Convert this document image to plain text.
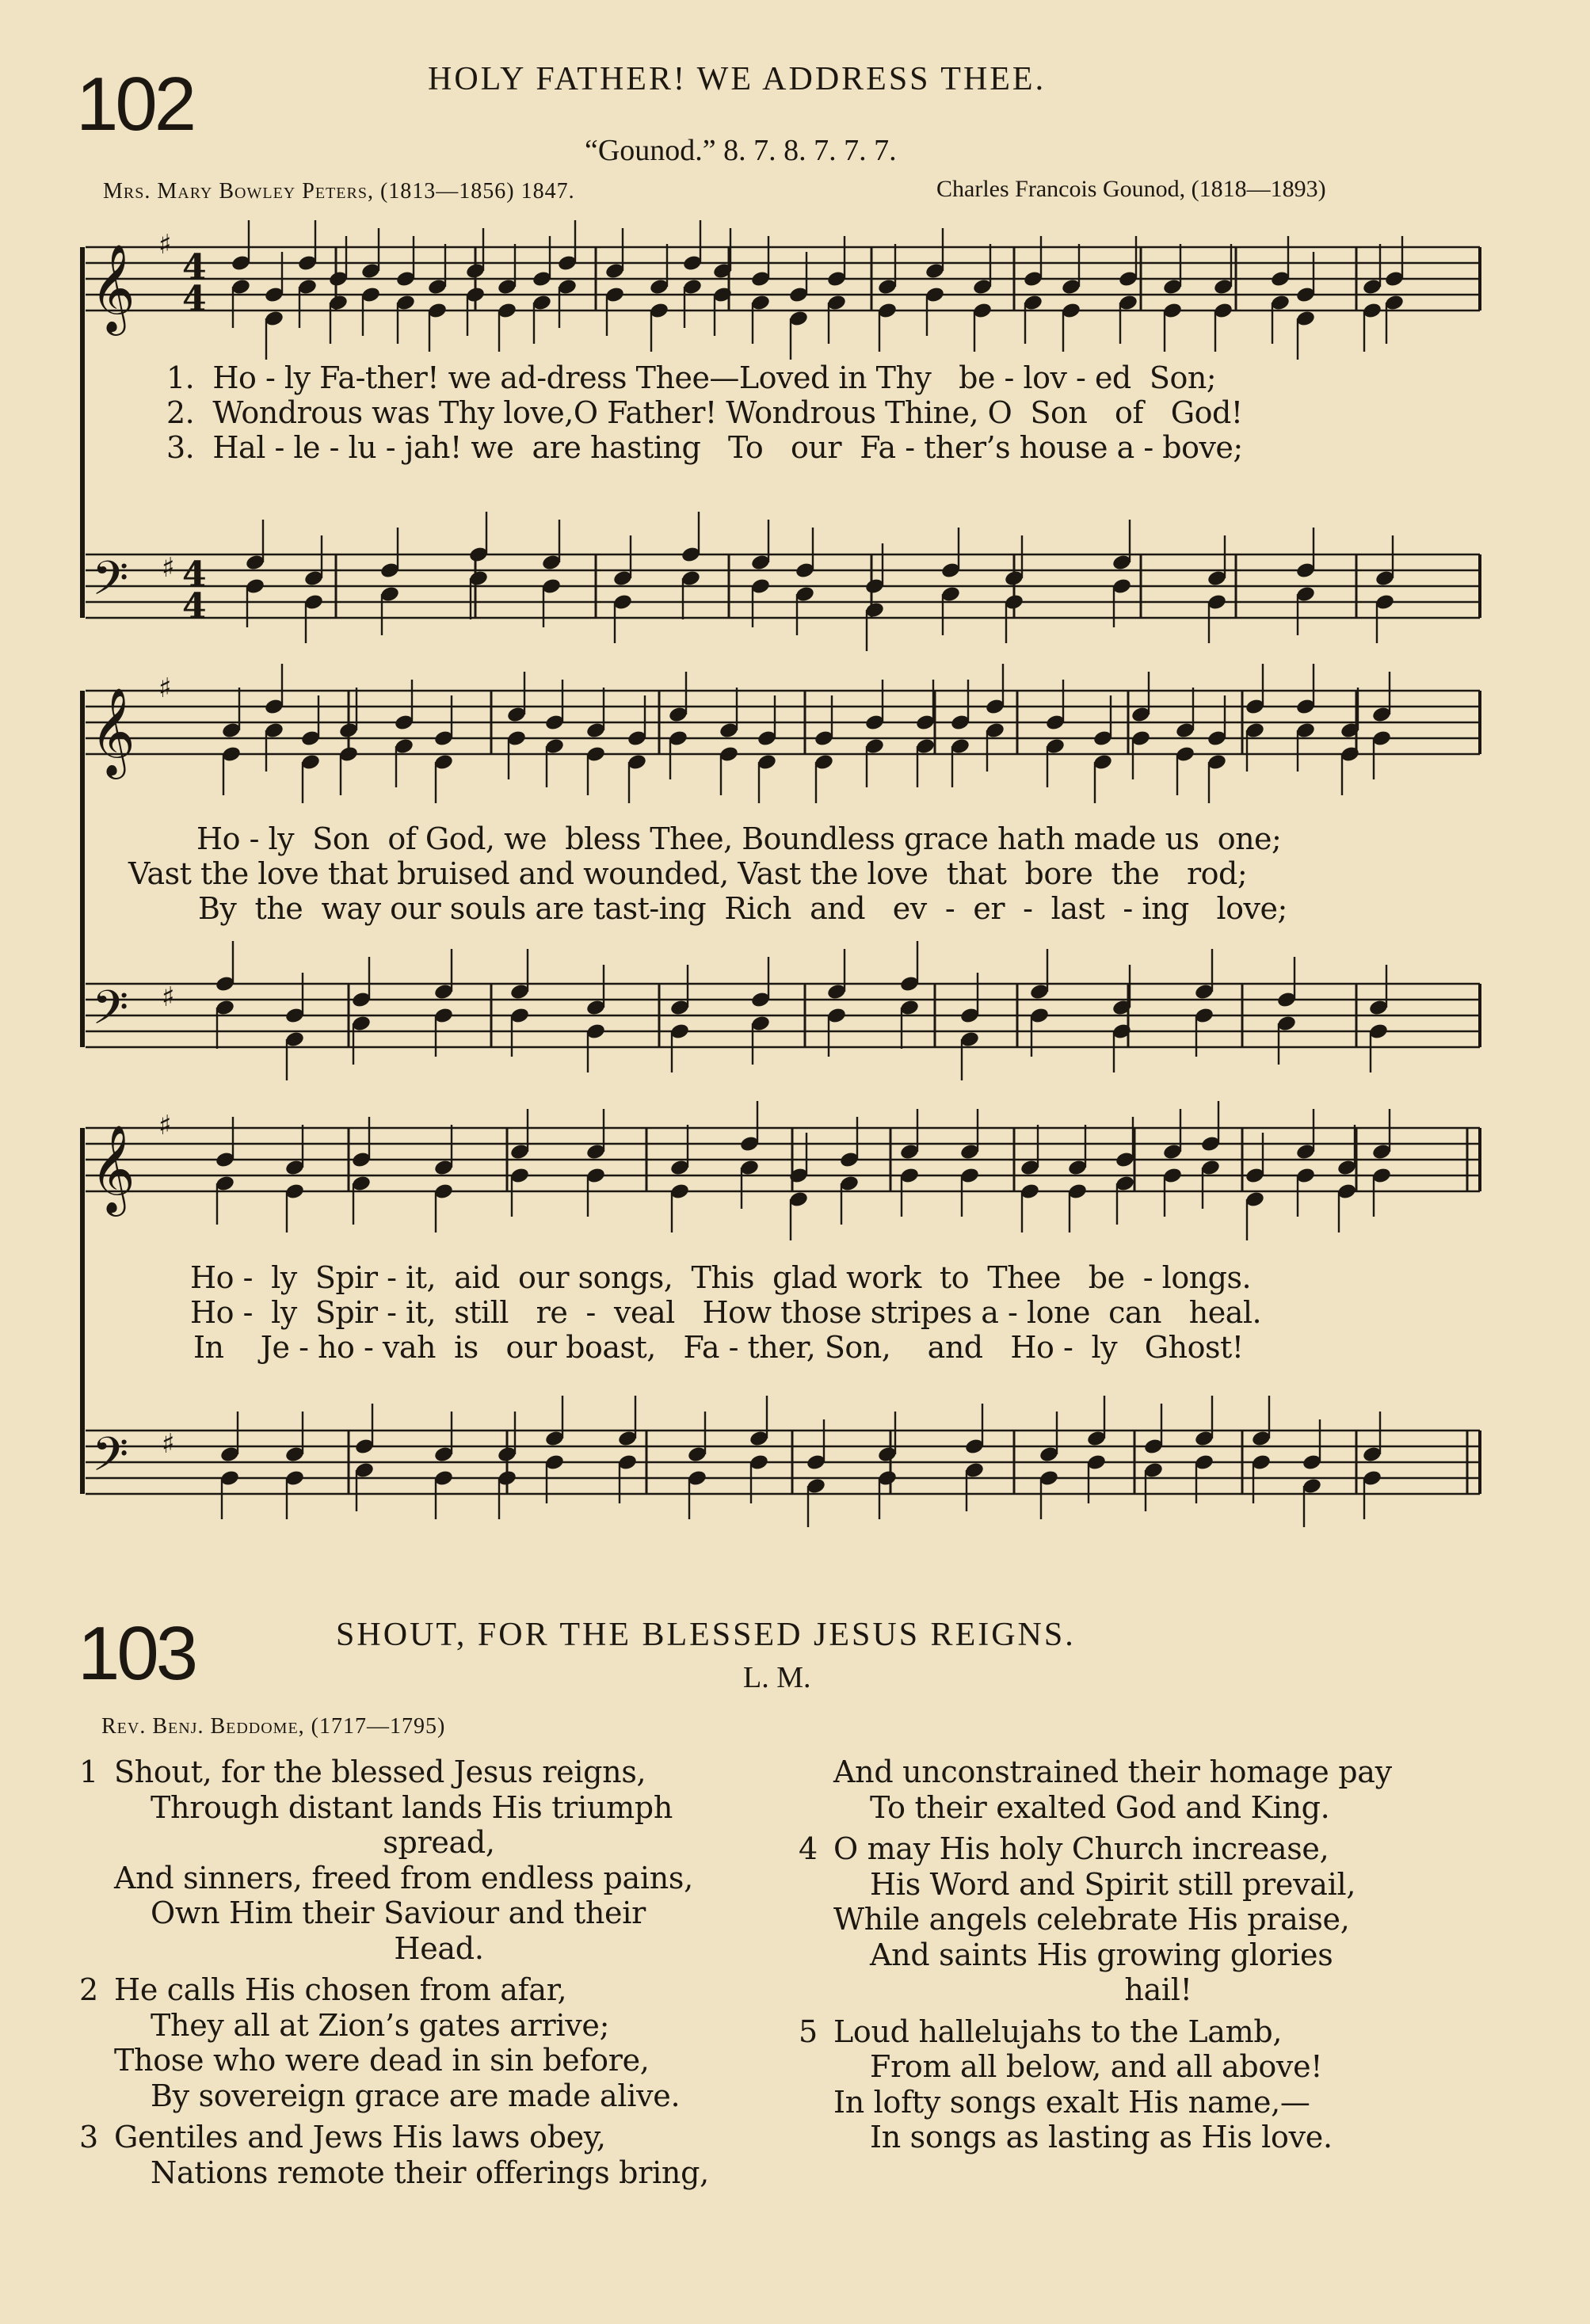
102	HOLY FATHER! WE ADDRESS THEE.
“Gounod.” 8. 7. 8. 7. 7. 7.
Mrs. Mary Bowley Peters, (1813—1856) 1847.	Charles Francois Gounod, (1818—1893)
𝄞
𝄢
♯
♯
4
4
4
4
𝄞
𝄢
♯
♯
𝄞
𝄢
♯
♯
1.  Ho - ly Fa-ther! we ad-dress Thee—Loved in Thy   be - lov - ed  Son;
2.  Wondrous was Thy love,O Father! Wondrous Thine, O  Son   of   God!
3.  Hal - le - lu - jah! we  are hasting   To   our  Fa - ther’s house a - bove;
Ho - ly  Son  of God, we  bless Thee, Boundless grace hath made us  one;
Vast the love that bruised and wounded, Vast the love  that  bore  the   rod;
By  the  way our souls are tast-ing  Rich  and   ev  -  er  -  last  - ing   love;
Ho -  ly  Spir - it,  aid  our songs,  This  glad work  to  Thee   be  - longs.
Ho -  ly  Spir - it,  still   re  -  veal   How those stripes a - lone  can   heal.
In    Je - ho - vah  is   our boast,   Fa - ther, Son,    and   Ho -  ly   Ghost!
103	SHOUT, FOR THE BLESSED JESUS REIGNS.
L. M.
Rev. Benj. Beddome, (1717—1795)
1 Shout, for the blessed Jesus reigns,
Through distant lands His triumph
spread,
And sinners, freed from endless pains,
Own Him their Saviour and their
Head.
2 He calls His chosen from afar,
They all at Zion’s gates arrive;
Those who were dead in sin before,
By sovereign grace are made alive.
3 Gentiles and Jews His laws obey,
Nations remote their offerings bring,
And unconstrained their homage pay
To their exalted God and King.
4 O may His holy Church increase,
His Word and Spirit still prevail,
While angels celebrate His praise,
And saints His growing glories
hail!
5 Loud hallelujahs to the Lamb,
From all below, and all above!
In lofty songs exalt His name,—
In songs as lasting as His love.
